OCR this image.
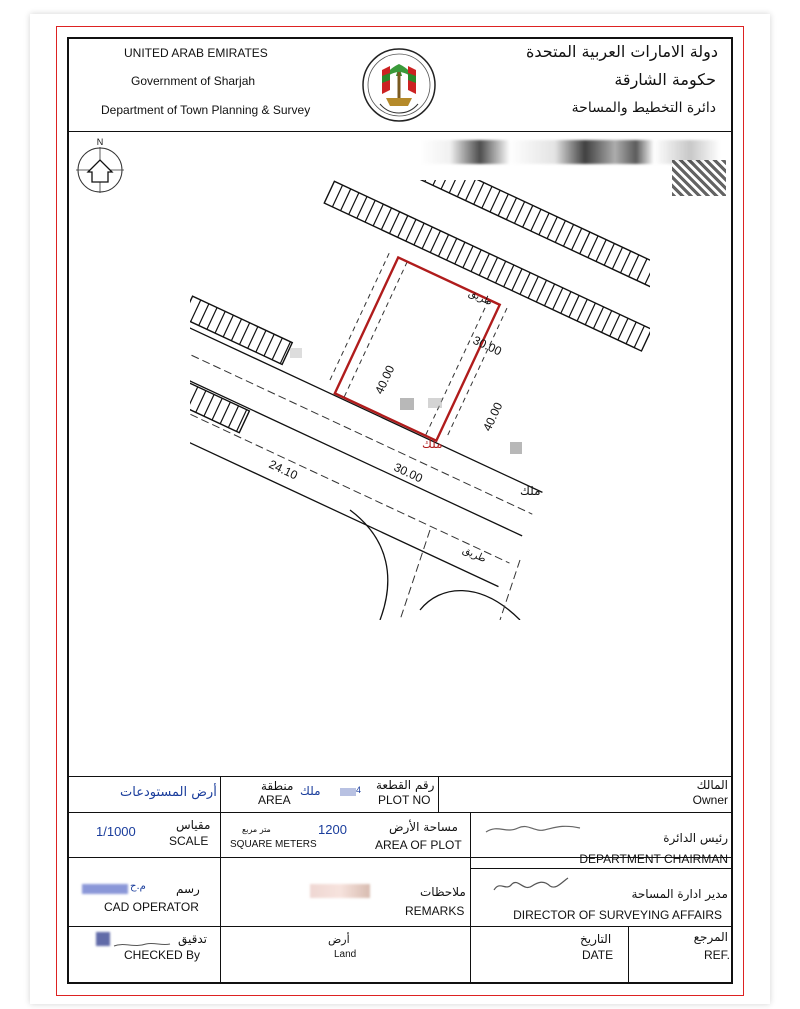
UNITED ARAB EMIRATES
Government of Sharjah
Department of Town Planning & Survey
دولة الامارات العربية المتحدة
حكومة الشارقة
دائرة التخطيط والمساحة
N
30.00
30.00
40.00
40.00
24.10
طريق
طريق
ملك
ملك
المالك
Owner
رقم القطعة
PLOT NO
4
منطقة
AREA
ملك
أرض المستودعات
رئيس الدائرة
DEPARTMENT CHAIRMAN
مساحة الأرض
AREA OF PLOT
1200
متر مربع
SQUARE METERS
مقياس
SCALE
1/1000
مدير ادارة المساحة
DIRECTOR OF SURVEYING AFFAIRS
ملاحظات
REMARKS
رسم
م.ح
CAD OPERATOR
المرجع
REF.
التاريخ
DATE
أرض
Land
تدقيق
CHECKED By
